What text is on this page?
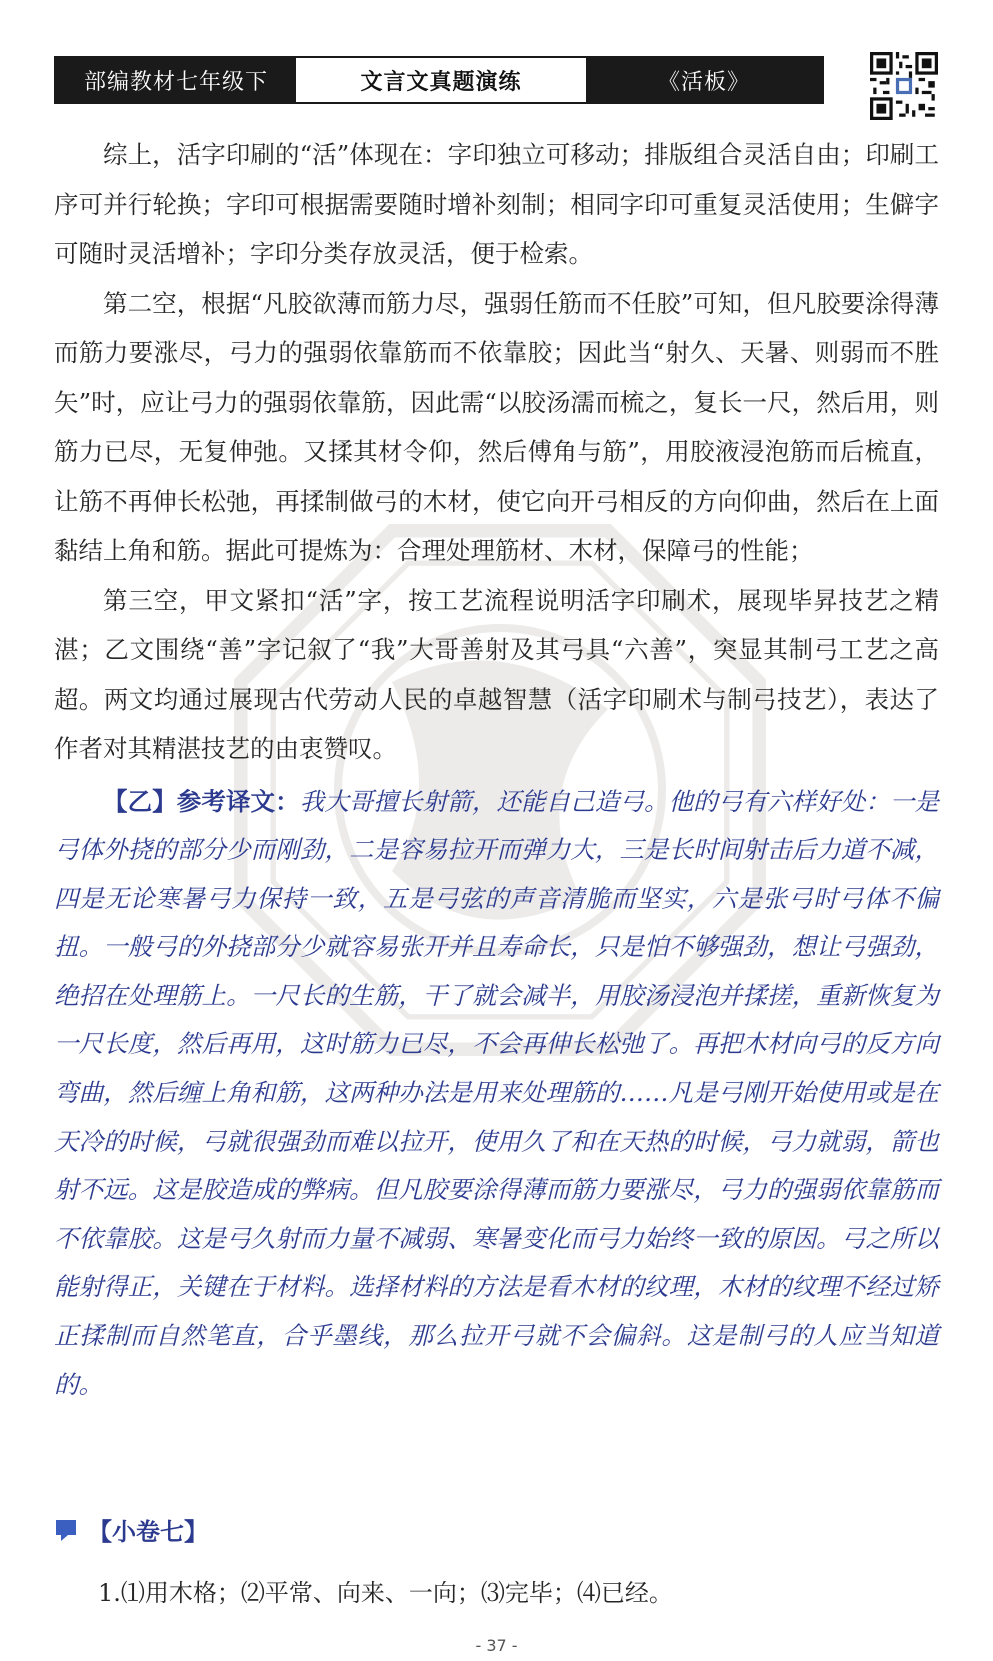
部编教材七年级下	文言文真题演练	《活板》

综上，活字印刷的“活”体现在：字印独立可移动；排版组合灵活自由；印刷工序可并行轮换；字印可根据需要随时增补刻制；相同字印可重复灵活使用；生僻字可随时灵活增补；字印分类存放灵活，便于检索。

第二空，根据“凡胶欲薄而筋力尽，强弱任筋而不任胶”可知，但凡胶要涂得薄而筋力要涨尽，弓力的强弱依靠筋而不依靠胶；因此当“射久、天暑、则弱而不胜矢”时，应让弓力的强弱依靠筋，因此需“以胶汤濡而梳之，复长一尺，然后用，则筋力已尽，无复伸弛。又揉其材令仰，然后傅角与筋”，用胶液浸泡筋而后梳直，让筋不再伸长松弛，再揉制做弓的木材，使它向开弓相反的方向仰曲，然后在上面黏结上角和筋。据此可提炼为：合理处理筋材、木材，保障弓的性能；

第三空，甲文紧扣“活”字，按工艺流程说明活字印刷术，展现毕昇技艺之精湛；乙文围绕“善”字记叙了“我”大哥善射及其弓具“六善”，突显其制弓工艺之高超。两文均通过展现古代劳动人民的卓越智慧（活字印刷术与制弓技艺），表达了作者对其精湛技艺的由衷赞叹。

【乙】参考译文：我大哥擅长射箭，还能自己造弓。他的弓有六样好处：一是弓体外挠的部分少而刚劲，二是容易拉开而弹力大，三是长时间射击后力道不减，四是无论寒暑弓力保持一致，五是弓弦的声音清脆而坚实，六是张弓时弓体不偏扭。一般弓的外挠部分少就容易张开并且寿命长，只是怕不够强劲，想让弓强劲，绝招在处理筋上。一尺长的生筋，干了就会减半，用胶汤浸泡并揉搓，重新恢复为一尺长度，然后再用，这时筋力已尽，不会再伸长松弛了。再把木材向弓的反方向弯曲，然后缠上角和筋，这两种办法是用来处理筋的……凡是弓刚开始使用或是在天冷的时候，弓就很强劲而难以拉开，使用久了和在天热的时候，弓力就弱，箭也射不远。这是胶造成的弊病。但凡胶要涂得薄而筋力要涨尽，弓力的强弱依靠筋而不依靠胶。这是弓久射而力量不减弱、寒暑变化而弓力始终一致的原因。弓之所以能射得正，关键在于材料。选择材料的方法是看木材的纹理，木材的纹理不经过矫正揉制而自然笔直，合乎墨线，那么拉开弓就不会偏斜。这是制弓的人应当知道的。

【小卷七】
1.⑴用木格；⑵平常、向来、一向；⑶完毕；⑷已经。
- 37 -
